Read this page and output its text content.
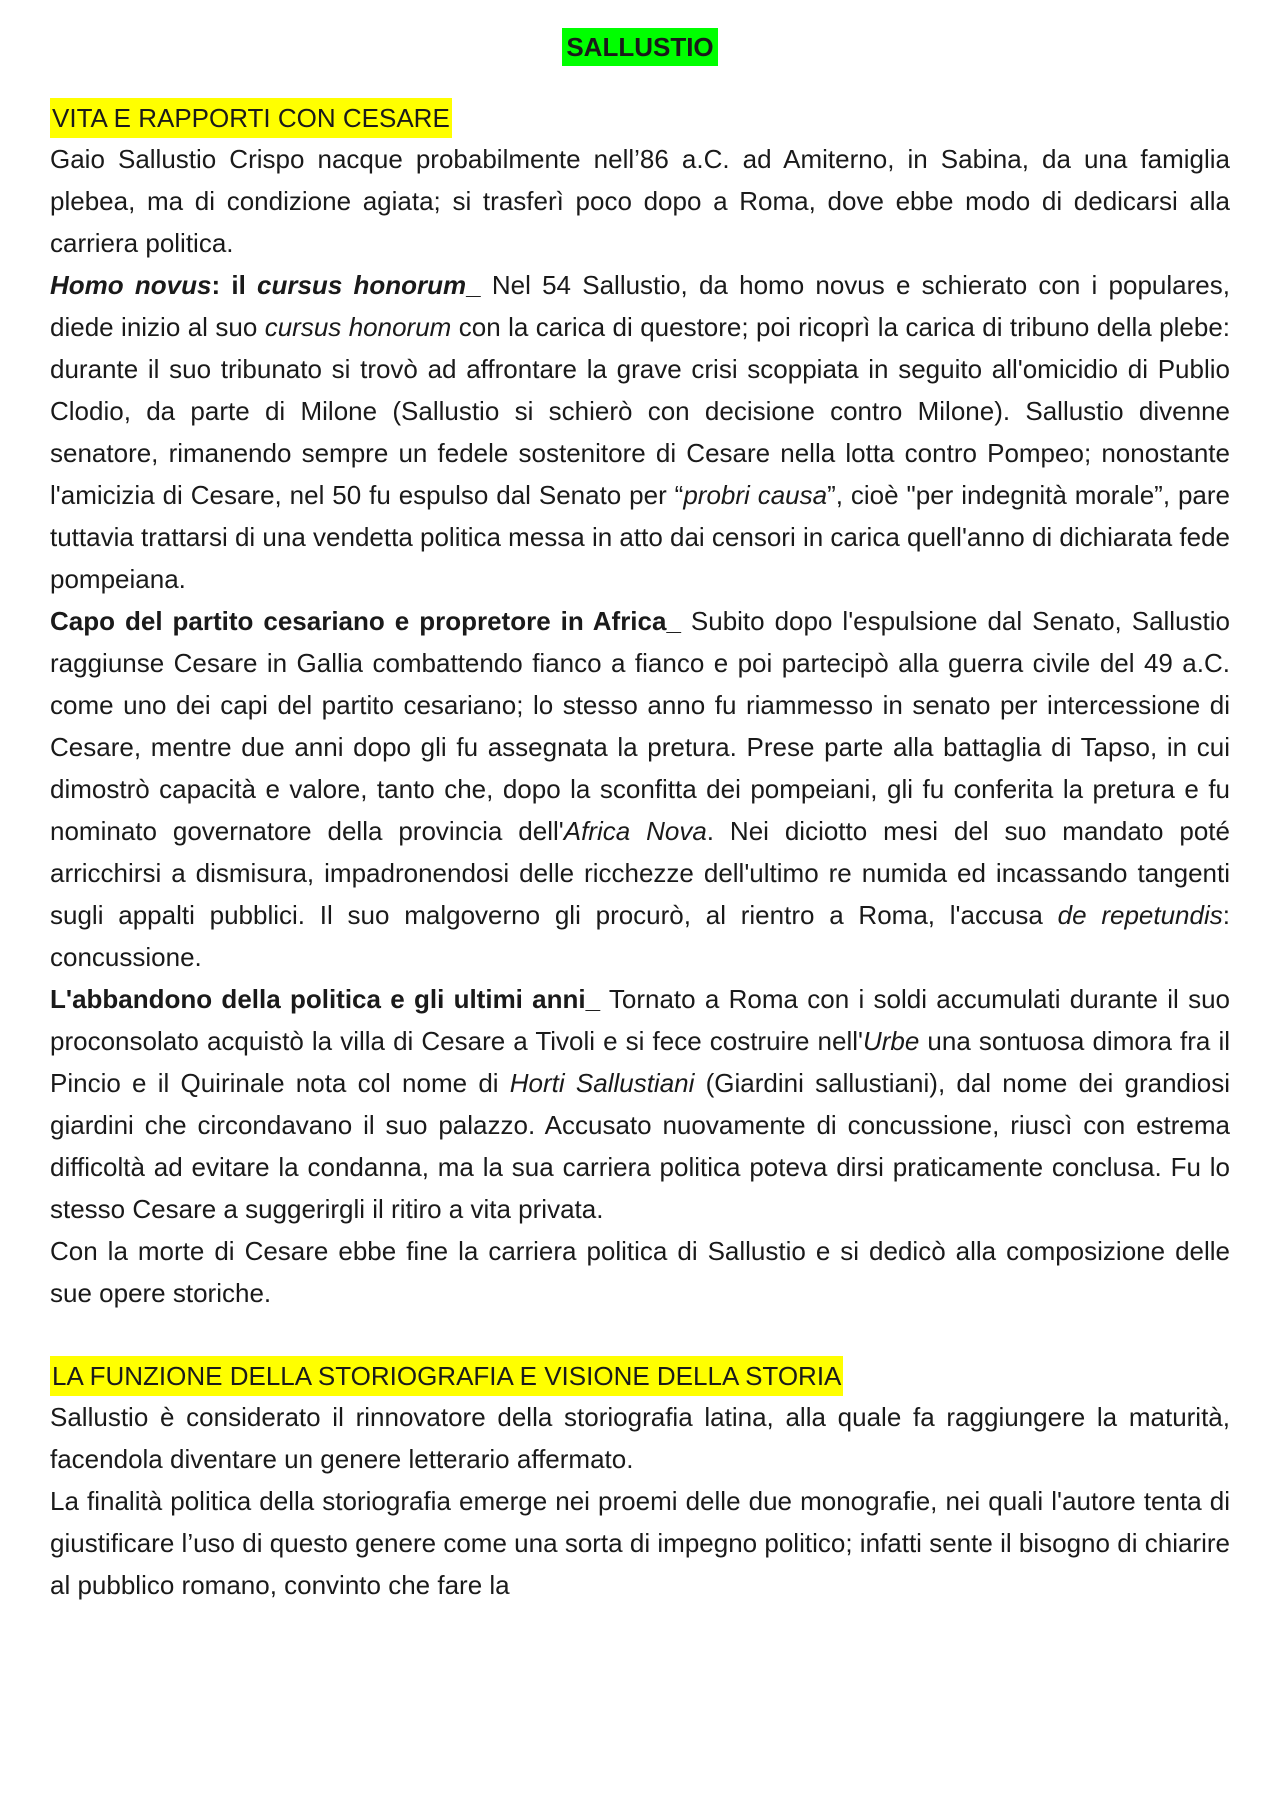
SALLUSTIO
VITA E RAPPORTI CON CESARE

Gaio Sallustio Crispo nacque probabilmente nell’86 a.C. ad Amiterno, in Sabina, da una famiglia plebea, ma di condizione agiata; si trasferì poco dopo a Roma, dove ebbe modo di dedicarsi alla carriera politica.

Homo novus: il cursus honorum_ Nel 54 Sallustio, da homo novus e schierato con i populares, diede inizio al suo cursus honorum con la carica di questore; poi ricoprì la carica di tribuno della plebe: durante il suo tribunato si trovò ad affrontare la grave crisi scoppiata in seguito all'omicidio di Publio Clodio, da parte di Milone (Sallustio si schierò con decisione contro Milone). Sallustio divenne senatore, rimanendo sempre un fedele sostenitore di Cesare nella lotta contro Pompeo; nonostante l'amicizia di Cesare, nel 50 fu espulso dal Senato per “probri causa”, cioè "per indegnità morale”, pare tuttavia trattarsi di una vendetta politica messa in atto dai censori in carica quell'anno di dichiarata fede pompeiana.

Capo del partito cesariano e propretore in Africa_ Subito dopo l'espulsione dal Senato, Sallustio raggiunse Cesare in Gallia combattendo fianco a fianco e poi partecipò alla guerra civile del 49 a.C. come uno dei capi del partito cesariano; lo stesso anno fu riammesso in senato per intercessione di Cesare, mentre due anni dopo gli fu assegnata la pretura. Prese parte alla battaglia di Tapso, in cui dimostrò capacità e valore, tanto che, dopo la sconfitta dei pompeiani, gli fu conferita la pretura e fu nominato governatore della provincia dell'Africa Nova. Nei diciotto mesi del suo mandato poté arricchirsi a dismisura, impadronendosi delle ricchezze dell'ultimo re numida ed incassando tangenti sugli appalti pubblici. Il suo malgoverno gli procurò, al rientro a Roma, l'accusa de repetundis: concussione.

L'abbandono della politica e gli ultimi anni_ Tornato a Roma con i soldi accumulati durante il suo proconsolato acquistò la villa di Cesare a Tivoli e si fece costruire nell'Urbe una sontuosa dimora fra il Pincio e il Quirinale nota col nome di Horti Sallustiani (Giardini sallustiani), dal nome dei grandiosi giardini che circondavano il suo palazzo. Accusato nuovamente di concussione, riuscì con estrema difficoltà ad evitare la condanna, ma la sua carriera politica poteva dirsi praticamente conclusa. Fu lo stesso Cesare a suggerirgli il ritiro a vita privata.

Con la morte di Cesare ebbe fine la carriera politica di Sallustio e si dedicò alla composizione delle sue opere storiche.

LA FUNZIONE DELLA STORIOGRAFIA E VISIONE DELLA STORIA

Sallustio è considerato il rinnovatore della storiografia latina, alla quale fa raggiungere la maturità, facendola diventare un genere letterario affermato.

La finalità politica della storiografia emerge nei proemi delle due monografie, nei quali l'autore tenta di giustificare l’uso di questo genere come una sorta di impegno politico; infatti sente il bisogno di chiarire al pubblico romano, convinto che fare la
